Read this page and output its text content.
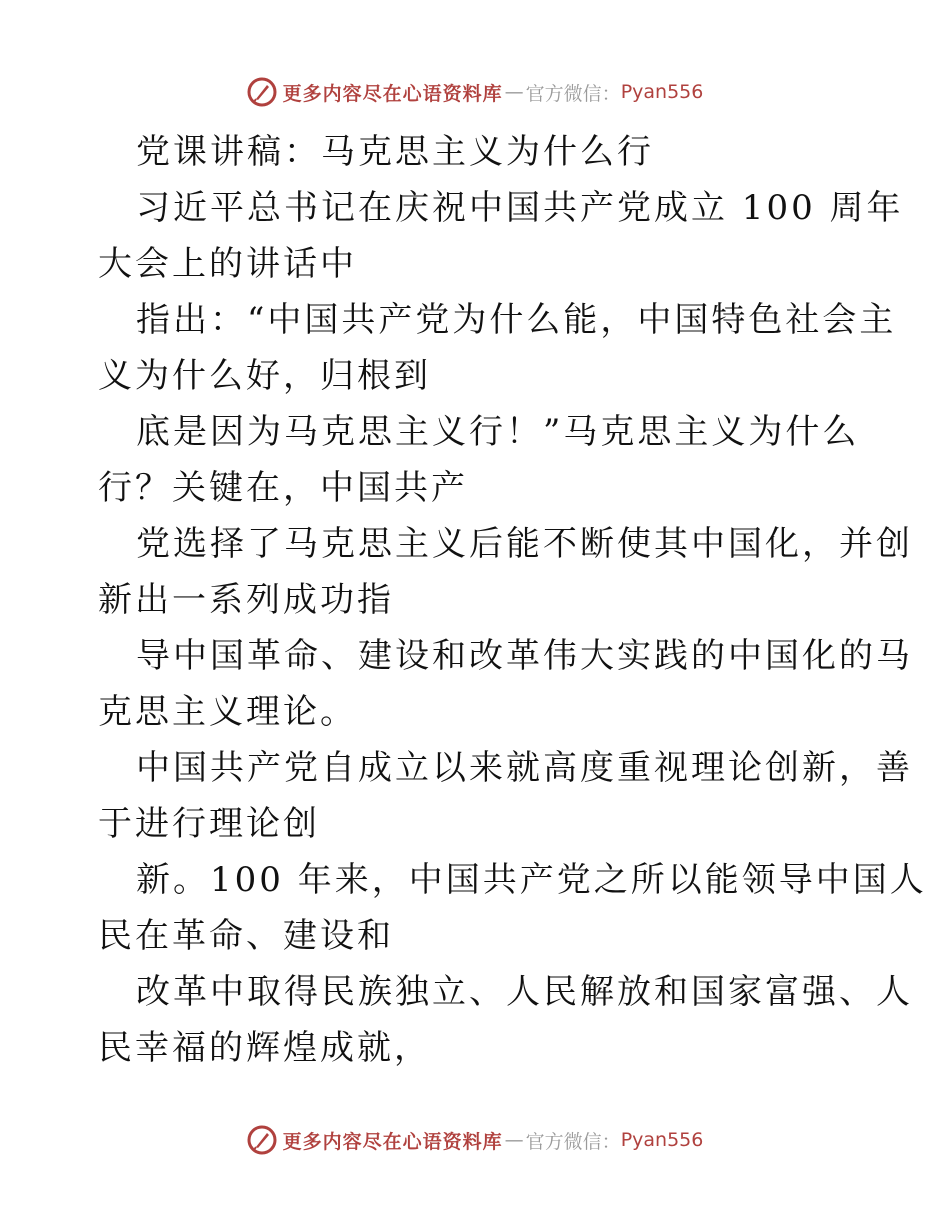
更多内容尽在心语资料库 — 官方微信： Pyan556
党课讲稿：马克思主义为什么行
习近平总书记在庆祝中国共产党成立 100 周年
大会上的讲话中
指出：“中国共产党为什么能，中国特色社会主
义为什么好，归根到
底是因为马克思主义行！”马克思主义为什么
行？关键在，中国共产
党选择了马克思主义后能不断使其中国化，并创
新出一系列成功指
导中国革命、建设和改革伟大实践的中国化的马
克思主义理论。
中国共产党自成立以来就高度重视理论创新，善
于进行理论创
新。100 年来，中国共产党之所以能领导中国人
民在革命、建设和
改革中取得民族独立、人民解放和国家富强、人
民幸福的辉煌成就，
更多内容尽在心语资料库 — 官方微信： Pyan556
